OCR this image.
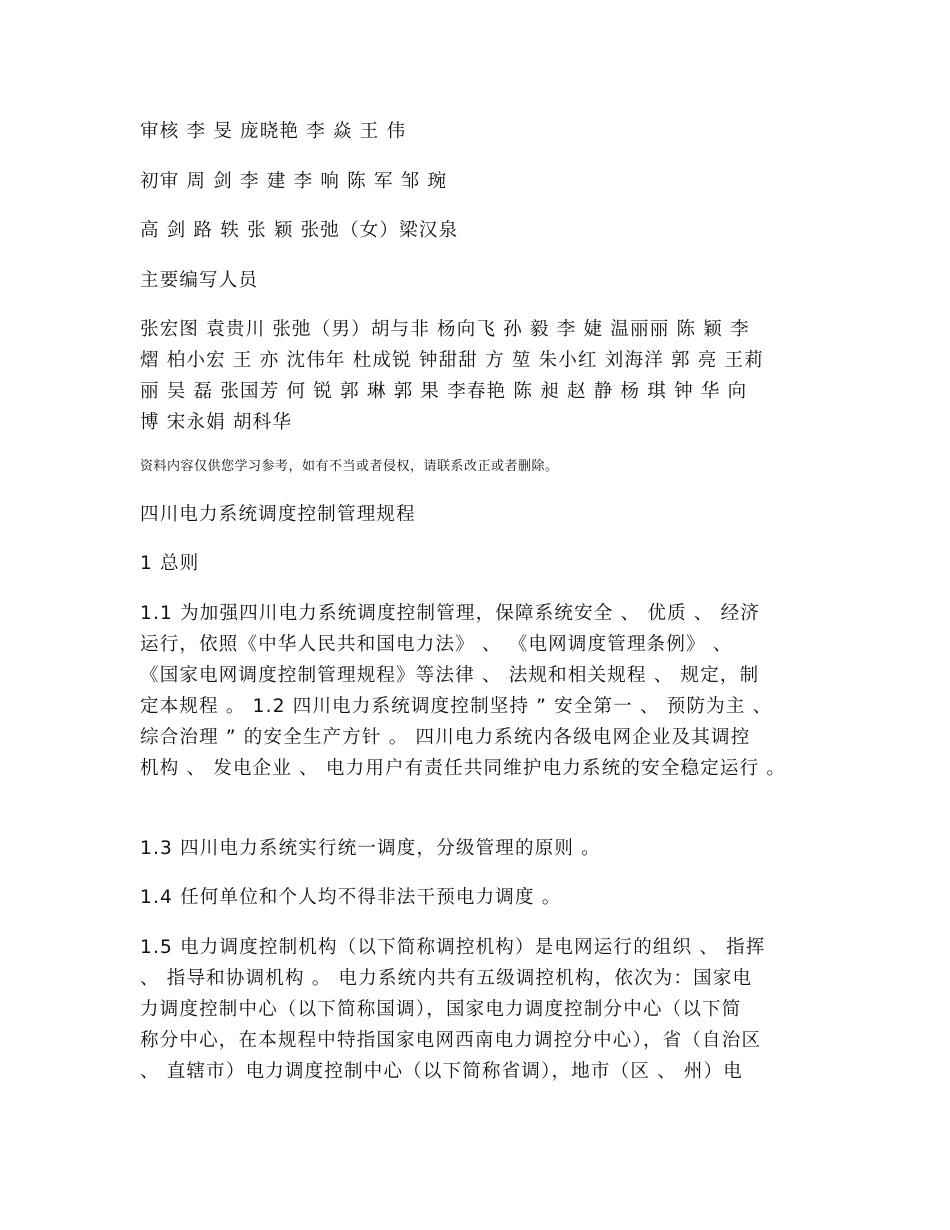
审核 李 旻 庞晓艳 李 焱 王 伟

初审 周 剑 李 建 李 响 陈 军 邹 琬

高 剑 路 轶 张 颖 张弛（女）梁汉泉

主要编写人员

张宏图 袁贵川 张弛（男）胡与非 杨向飞 孙 毅 李 婕 温丽丽 陈 颖 李
熠 柏小宏 王 亦 沈伟年 杜成锐 钟甜甜 方 堃 朱小红 刘海洋 郭 亮 王莉
丽 吴 磊 张国芳 何 锐 郭 琳 郭 果 李春艳 陈 昶 赵 静 杨 琪 钟 华 向
博 宋永娟 胡科华

资料内容仅供您学习参考，如有不当或者侵权，请联系改正或者删除。

四川电力系统调度控制管理规程

1 总则

1.1 为加强四川电力系统调度控制管理，保障系统安全 、 优质 、 经济
运行，依照《中华人民共和国电力法》 、 《电网调度管理条例》 、
《国家电网调度控制管理规程》等法律 、 法规和相关规程 、 规定，制
定本规程 。 1.2 四川电力系统调度控制坚持 ” 安全第一 、 预防为主 、
综合治理 ” 的安全生产方针 。 四川电力系统内各级电网企业及其调控
机构 、 发电企业 、 电力用户有责任共同维护电力系统的安全稳定运行 。

1.3 四川电力系统实行统一调度，分级管理的原则 。

1.4 任何单位和个人均不得非法干预电力调度 。

1.5 电力调度控制机构（以下简称调控机构）是电网运行的组织 、 指挥
、 指导和协调机构 。 电力系统内共有五级调控机构，依次为：国家电
力调度控制中心（以下简称国调），国家电力调度控制分中心（以下简
称分中心，在本规程中特指国家电网西南电力调控分中心），省（自治区
、 直辖市）电力调度控制中心（以下简称省调），地市（区 、 州）电
